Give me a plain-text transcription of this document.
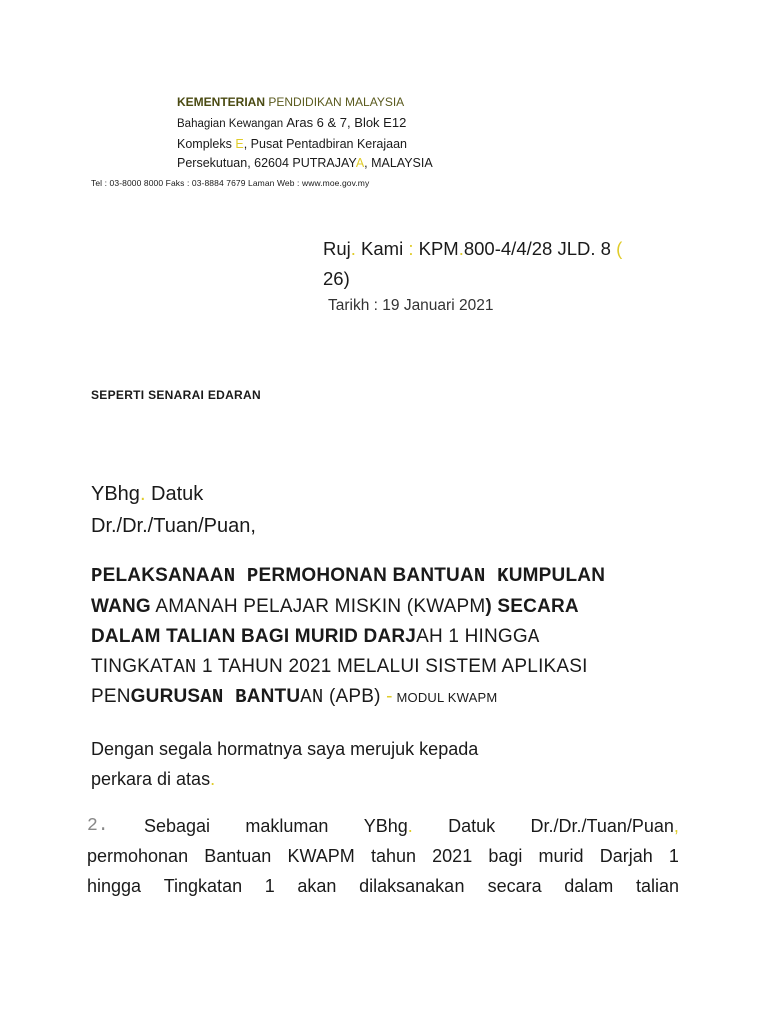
KEMENTERIAN PENDIDIKAN MALAYSIA
Bahagian Kewangan Aras 6 & 7, Blok E12
Kompleks E, Pusat Pentadbiran Kerajaan
Persekutuan, 62604 PUTRAJAYA, MALAYSIA
Tel : 03-8000 8000 Faks : 03-8884 7679 Laman Web : www.moe.gov.my
Ruj. Kami : KPM.800-4/4/28 JLD. 8 (
26)
Tarikh : 19 Januari 2021
SEPERTI SENARAI EDARAN
YBhg. Datuk
Dr./Dr./Tuan/Puan,
PELAKSANAAN PERMOHONAN BANTUAN KUMPULAN
WANG AMANAH PELAJAR MISKIN (KWAPM) SECARA
DALAM TALIAN BAGI MURID DARJAH 1 HINGGA
TINGKATAN 1 TAHUN 2021 MELALUI SISTEM APLIKASI
PENGURUSAN BANTUAN (APB) - MODUL KWAPM
Dengan segala hormatnya saya merujuk kepada
perkara di atas.
2. Sebagai makluman YBhg. Datuk Dr./Dr./Tuan/Puan,
permohonan Bantuan KWAPM tahun 2021 bagi murid Darjah 1
hingga Tingkatan 1 akan dilaksanakan secara dalam talian
